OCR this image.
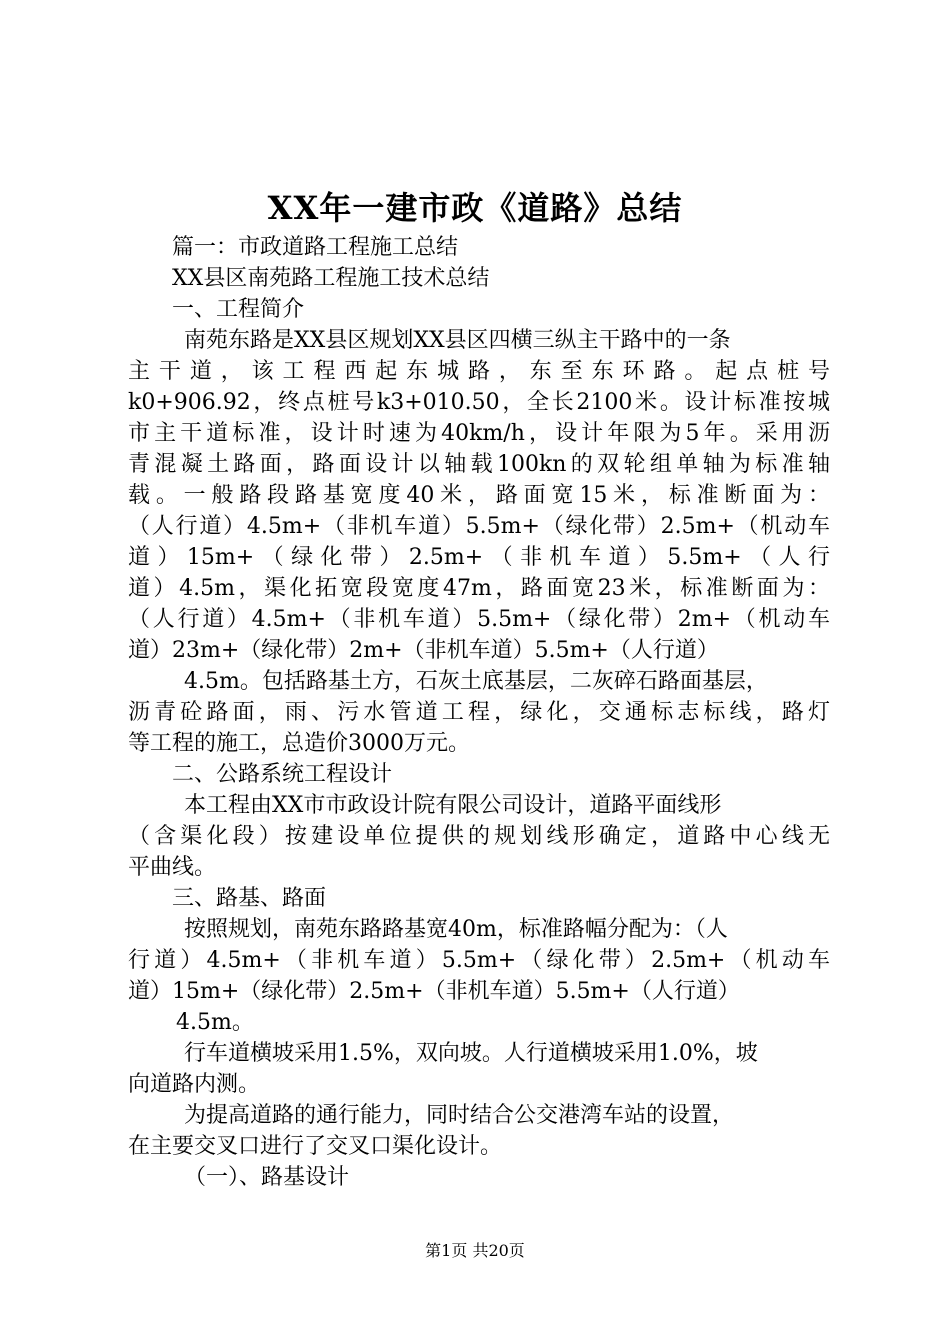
XX年一建市政《道路》总结
篇一：市政道路工程施工总结
XX县区南苑路工程施工技术总结
一、工程简介
南苑东路是XX县区规划XX县区四横三纵主干路中的一条
主干道，该工程西起东城路，东至东环路。起点桩号
k0+906.92，终点桩号k3+010.50，全长2100米。设计标准按城
市主干道标准，设计时速为40km/h，设计年限为5年。采用沥
青混凝土路面，路面设计以轴载100kn的双轮组单轴为标准轴
载。一般路段路基宽度40米，路面宽15米，标准断面为：
（人行道）4.5m+（非机车道）5.5m+（绿化带）2.5m+（机动车
道）15m+（绿化带）2.5m+（非机车道）5.5m+（人行
道）4.5m，渠化拓宽段宽度47m，路面宽23米，标准断面为：
（人行道）4.5m+（非机车道）5.5m+（绿化带）2m+（机动车
道）23m+（绿化带）2m+（非机车道）5.5m+（人行道）
4.5m。包括路基土方，石灰土底基层，二灰碎石路面基层，
沥青砼路面，雨、污水管道工程，绿化，交通标志标线，路灯
等工程的施工，总造价3000万元。
二、公路系统工程设计
本工程由XX市市政设计院有限公司设计，道路平面线形
（含渠化段）按建设单位提供的规划线形确定，道路中心线无
平曲线。
三、路基、路面
按照规划，南苑东路路基宽40m，标准路幅分配为：（人
行道）4.5m+（非机车道）5.5m+（绿化带）2.5m+（机动车
道）15m+（绿化带）2.5m+（非机车道）5.5m+（人行道）
4.5m。
行车道横坡采用1.5%，双向坡。人行道横坡采用1.0%，坡
向道路内测。
为提高道路的通行能力，同时结合公交港湾车站的设置，
在主要交叉口进行了交叉口渠化设计。
（一）、路基设计
第1页 共20页
